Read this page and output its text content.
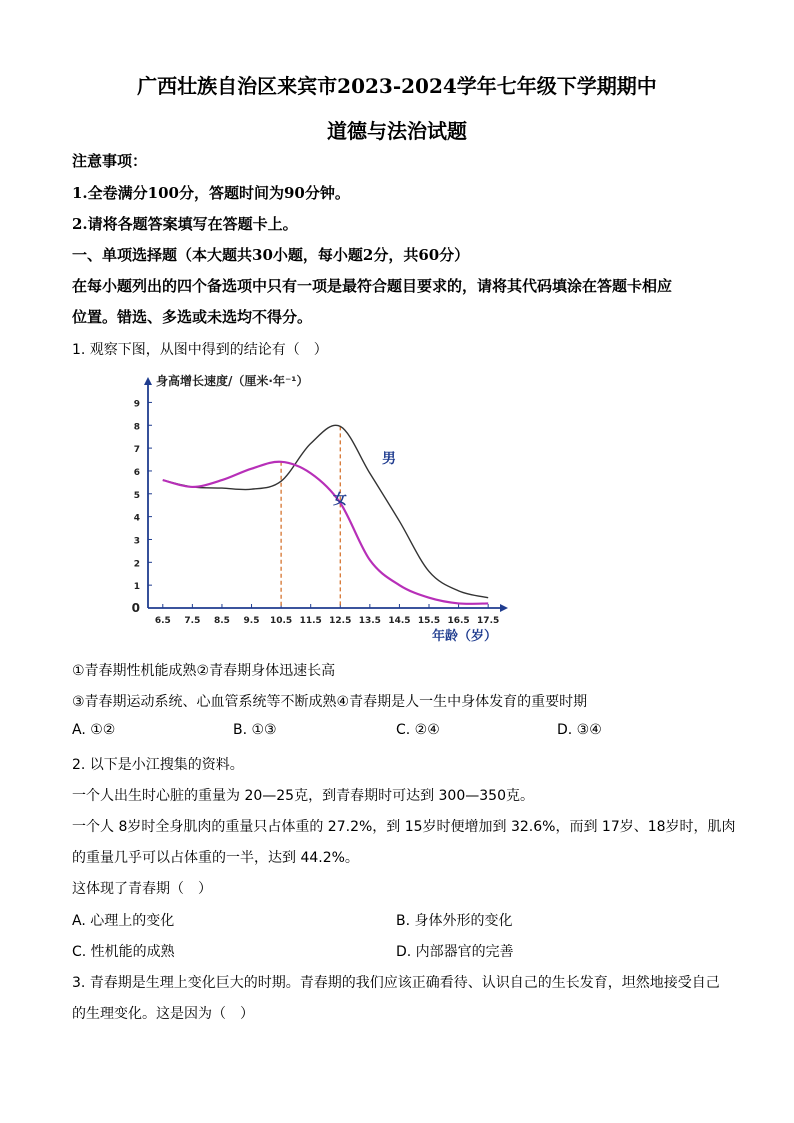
广西壮族自治区来宾市2023-2024学年七年级下学期期中
道德与法治试题
注意事项：
1.全卷满分100分，答题时间为90分钟。
2.请将各题答案填写在答题卡上。
一、单项选择题（本大题共30小题，每小题2分，共60分）
在每小题列出的四个备选项中只有一项是最符合题目要求的，请将其代码填涂在答题卡相应
位置。错选、多选或未选均不得分。
1. 观察下图，从图中得到的结论有（　）
身高增长速度/（厘米·年⁻¹）
0
1
2
3
4
5
6
7
8
9
6.5 7.5 8.5 9.5 10.5 11.5 12.5 13.5 14.5 15.5 16.5 17.5
年龄（岁）
男
女
①青春期性机能成熟②青春期身体迅速长高
③青春期运动系统、心血管系统等不断成熟④青春期是人一生中身体发育的重要时期
A. ①②	B. ①③	C. ②④	D. ③④
2. 以下是小江搜集的资料。
一个人出生时心脏的重量为 20—25克，到青春期时可达到 300—350克。
一个人 8岁时全身肌肉的重量只占体重的 27.2%，到 15岁时便增加到 32.6%，而到 17岁、18岁时，肌肉
的重量几乎可以占体重的一半，达到 44.2%。
这体现了青春期（　）
A. 心理上的变化	B. 身体外形的变化
C. 性机能的成熟	D. 内部器官的完善
3. 青春期是生理上变化巨大的时期。青春期的我们应该正确看待、认识自己的生长发育，坦然地接受自己
的生理变化。这是因为（　）
